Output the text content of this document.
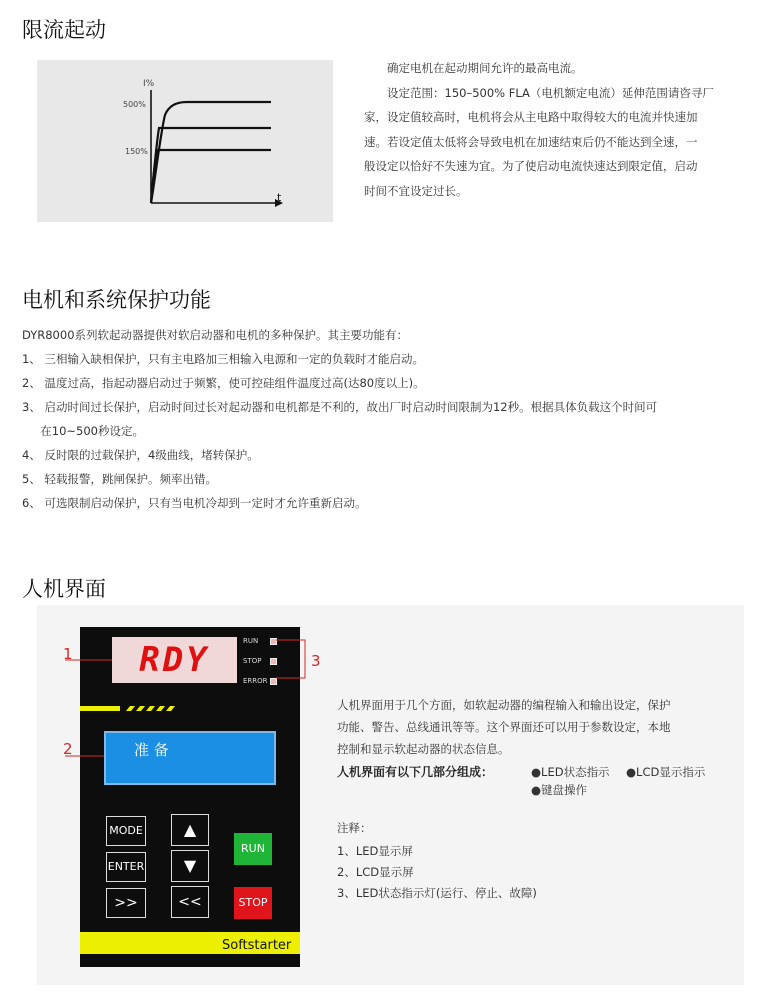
限流起动
I%
500%
150%
t
　　确定电机在起动期间允许的最高电流。
　　设定范围：150–500% FLA（电机额定电流）延伸范围请咨寻厂
家，设定值较高时，电机将会从主电路中取得较大的电流并快速加
速。若设定值太低将会导致电机在加速结束后仍不能达到全速，一
般设定以恰好不失速为宜。为了使启动电流快速达到限定值，启动
时间不宜设定过长。
电机和系统保护功能
DYR8000系列软起动器提供对软启动器和电机的多种保护。其主要功能有：
1、 三相输入缺相保护，只有主电路加三相输入电源和一定的负载时才能启动。
2、 温度过高，指起动器启动过于频繁，使可控硅组件温度过高(达80度以上)。
3、 启动时间过长保护，启动时间过长对起动器和电机都是不利的，故出厂时启动时间限制为12秒。根据具体负载这个时间可
在10~500秒设定。
4、 反时限的过载保护，4级曲线，堵转保护。
5、 轻载报警，跳闸保护。频率出错。
6、 可选限制启动保护，只有当电机冷却到一定时才允许重新启动。
人机界面
RDY	RUN
STOP
ERROR
1
2
3
准 备
MODE
ENTER
>>
▲
▼
<<
RUN
STOP
Softstarter
人机界面用于几个方面，如软起动器的编程输入和输出设定，保护
功能、警告、总线通讯等等。这个界面还可以用于参数设定，本地
控制和显示软起动器的状态信息。
人机界面有以下几部分组成：	●LED状态指示 ●LCD显示指示
●键盘操作
注释：
1、LED显示屏
2、LCD显示屏
3、LED状态指示灯(运行、停止、故障)
